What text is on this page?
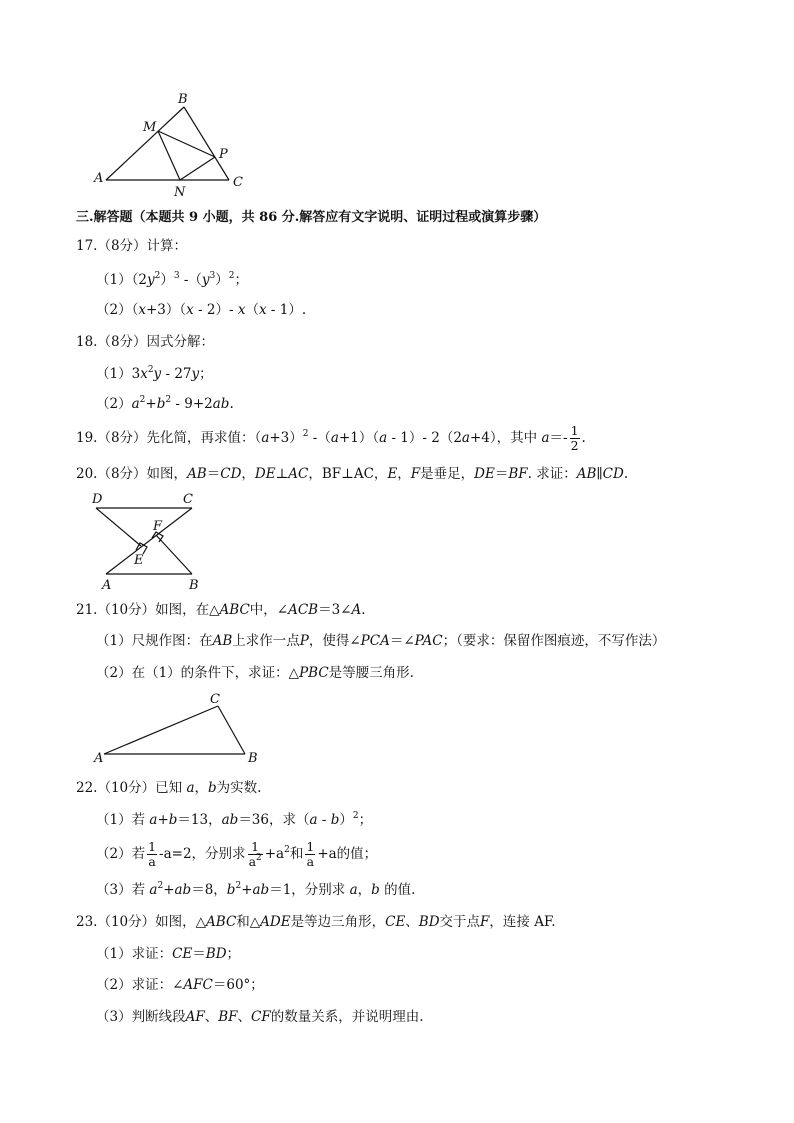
B
M
P
A
N
C
三.解答题（本题共 9 小题，共 86 分.解答应有文字说明、证明过程或演算步骤）
17.（8分）计算：
$(1)(2y^2)^3$ $-(y^3)^2$；
（2）（x+3）（x - 2）- x（x - 1）.
18.（8分）因式分解：
$(1)3x^2y - 27y$；
$(2)a^2+b^2 - 9+2ab$.
19.（8分）先化简，再求值：$(a+3)^2$ -（a+1）（a - 1）- 2（2a+4），其中 $a=- \frac{1}{2}$ .
20.（8分）如图，AB＝CD，DE⊥AC，BF⊥AC，E，F是垂足，DE＝BF. 求证：AB∥CD.
D	C
F
E
A	B
21.（10分）如图，在△ABC中，∠ACB＝3∠A.
（1）尺规作图：在AB上求作一点P，使得∠PCA＝∠PAC；（要求：保留作图痕迹，不写作法）
（2）在（1）的条件下，求证：△PBC是等腰三角形.
C
A	B
22.（10分）已知 a，b为实数.
（1）若 a+b＝13，ab＝36，求（a - b）$^2$；
（2）若 $\frac{1}{a} -a=2$，分别求 $\frac{1}{a^2} +a^2$和 $\frac{1}{a} +a$的值；
（3）若 $a^2+ab=8$，$b^2+ab=1$，分别求 a，b 的值.
23.（10分）如图，△ABC和△ADE是等边三角形，CE、BD交于点F，连接 AF.
（1）求证：CE＝BD；
（2）求证：∠AFC＝60°；
（3）判断线段AF、BF、CF的数量关系，并说明理由.
